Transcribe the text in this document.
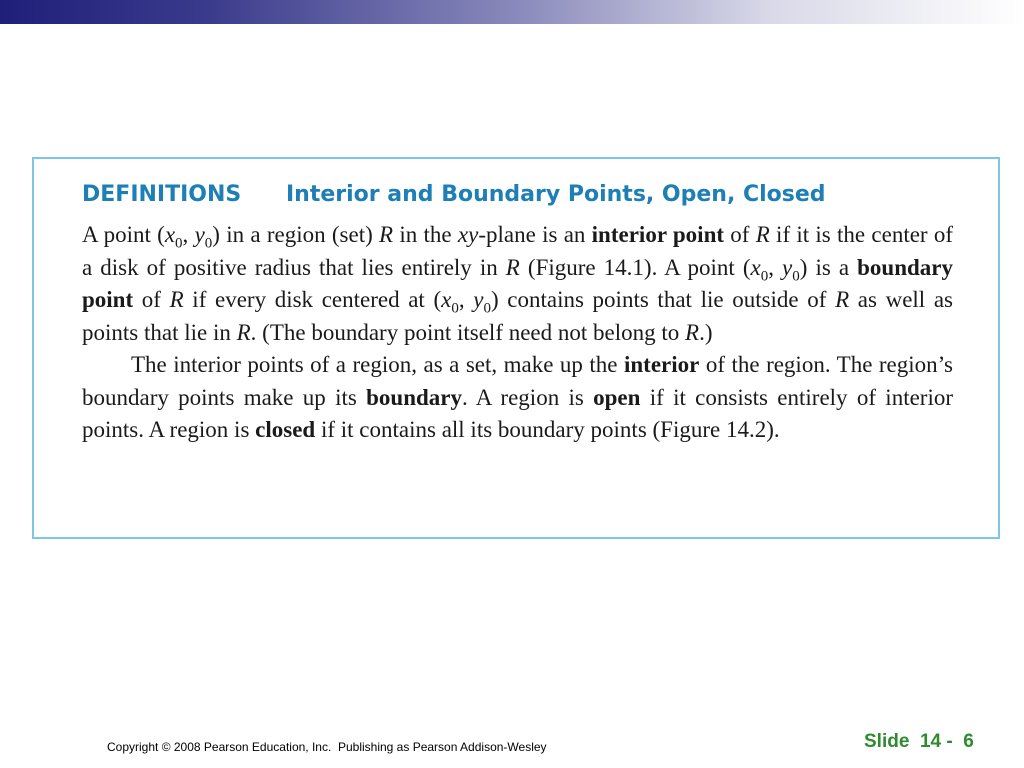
DEFINITIONS Interior and Boundary Points, Open, Closed

A point ($x_0$, $y_0$) in a region (set) R in the xy-plane is an interior point of R if it is the center of a disk of positive radius that lies entirely in R (Figure 14.1). A point ($x_0$, $y_0$) is a boundary point of R if every disk centered at ($x_0$, $y_0$) contains points that lie outside of R as well as points that lie in R. (The boundary point itself need not belong to R.)

The interior points of a region, as a set, make up the interior of the region. The region’s boundary points make up its boundary. A region is open if it consists entirely of interior points. A region is closed if it contains all its boundary points (Figure 14.2).

Copyright © 2008 Pearson Education, Inc.  Publishing as Pearson Addison-Wesley	Slide  14 -  6
